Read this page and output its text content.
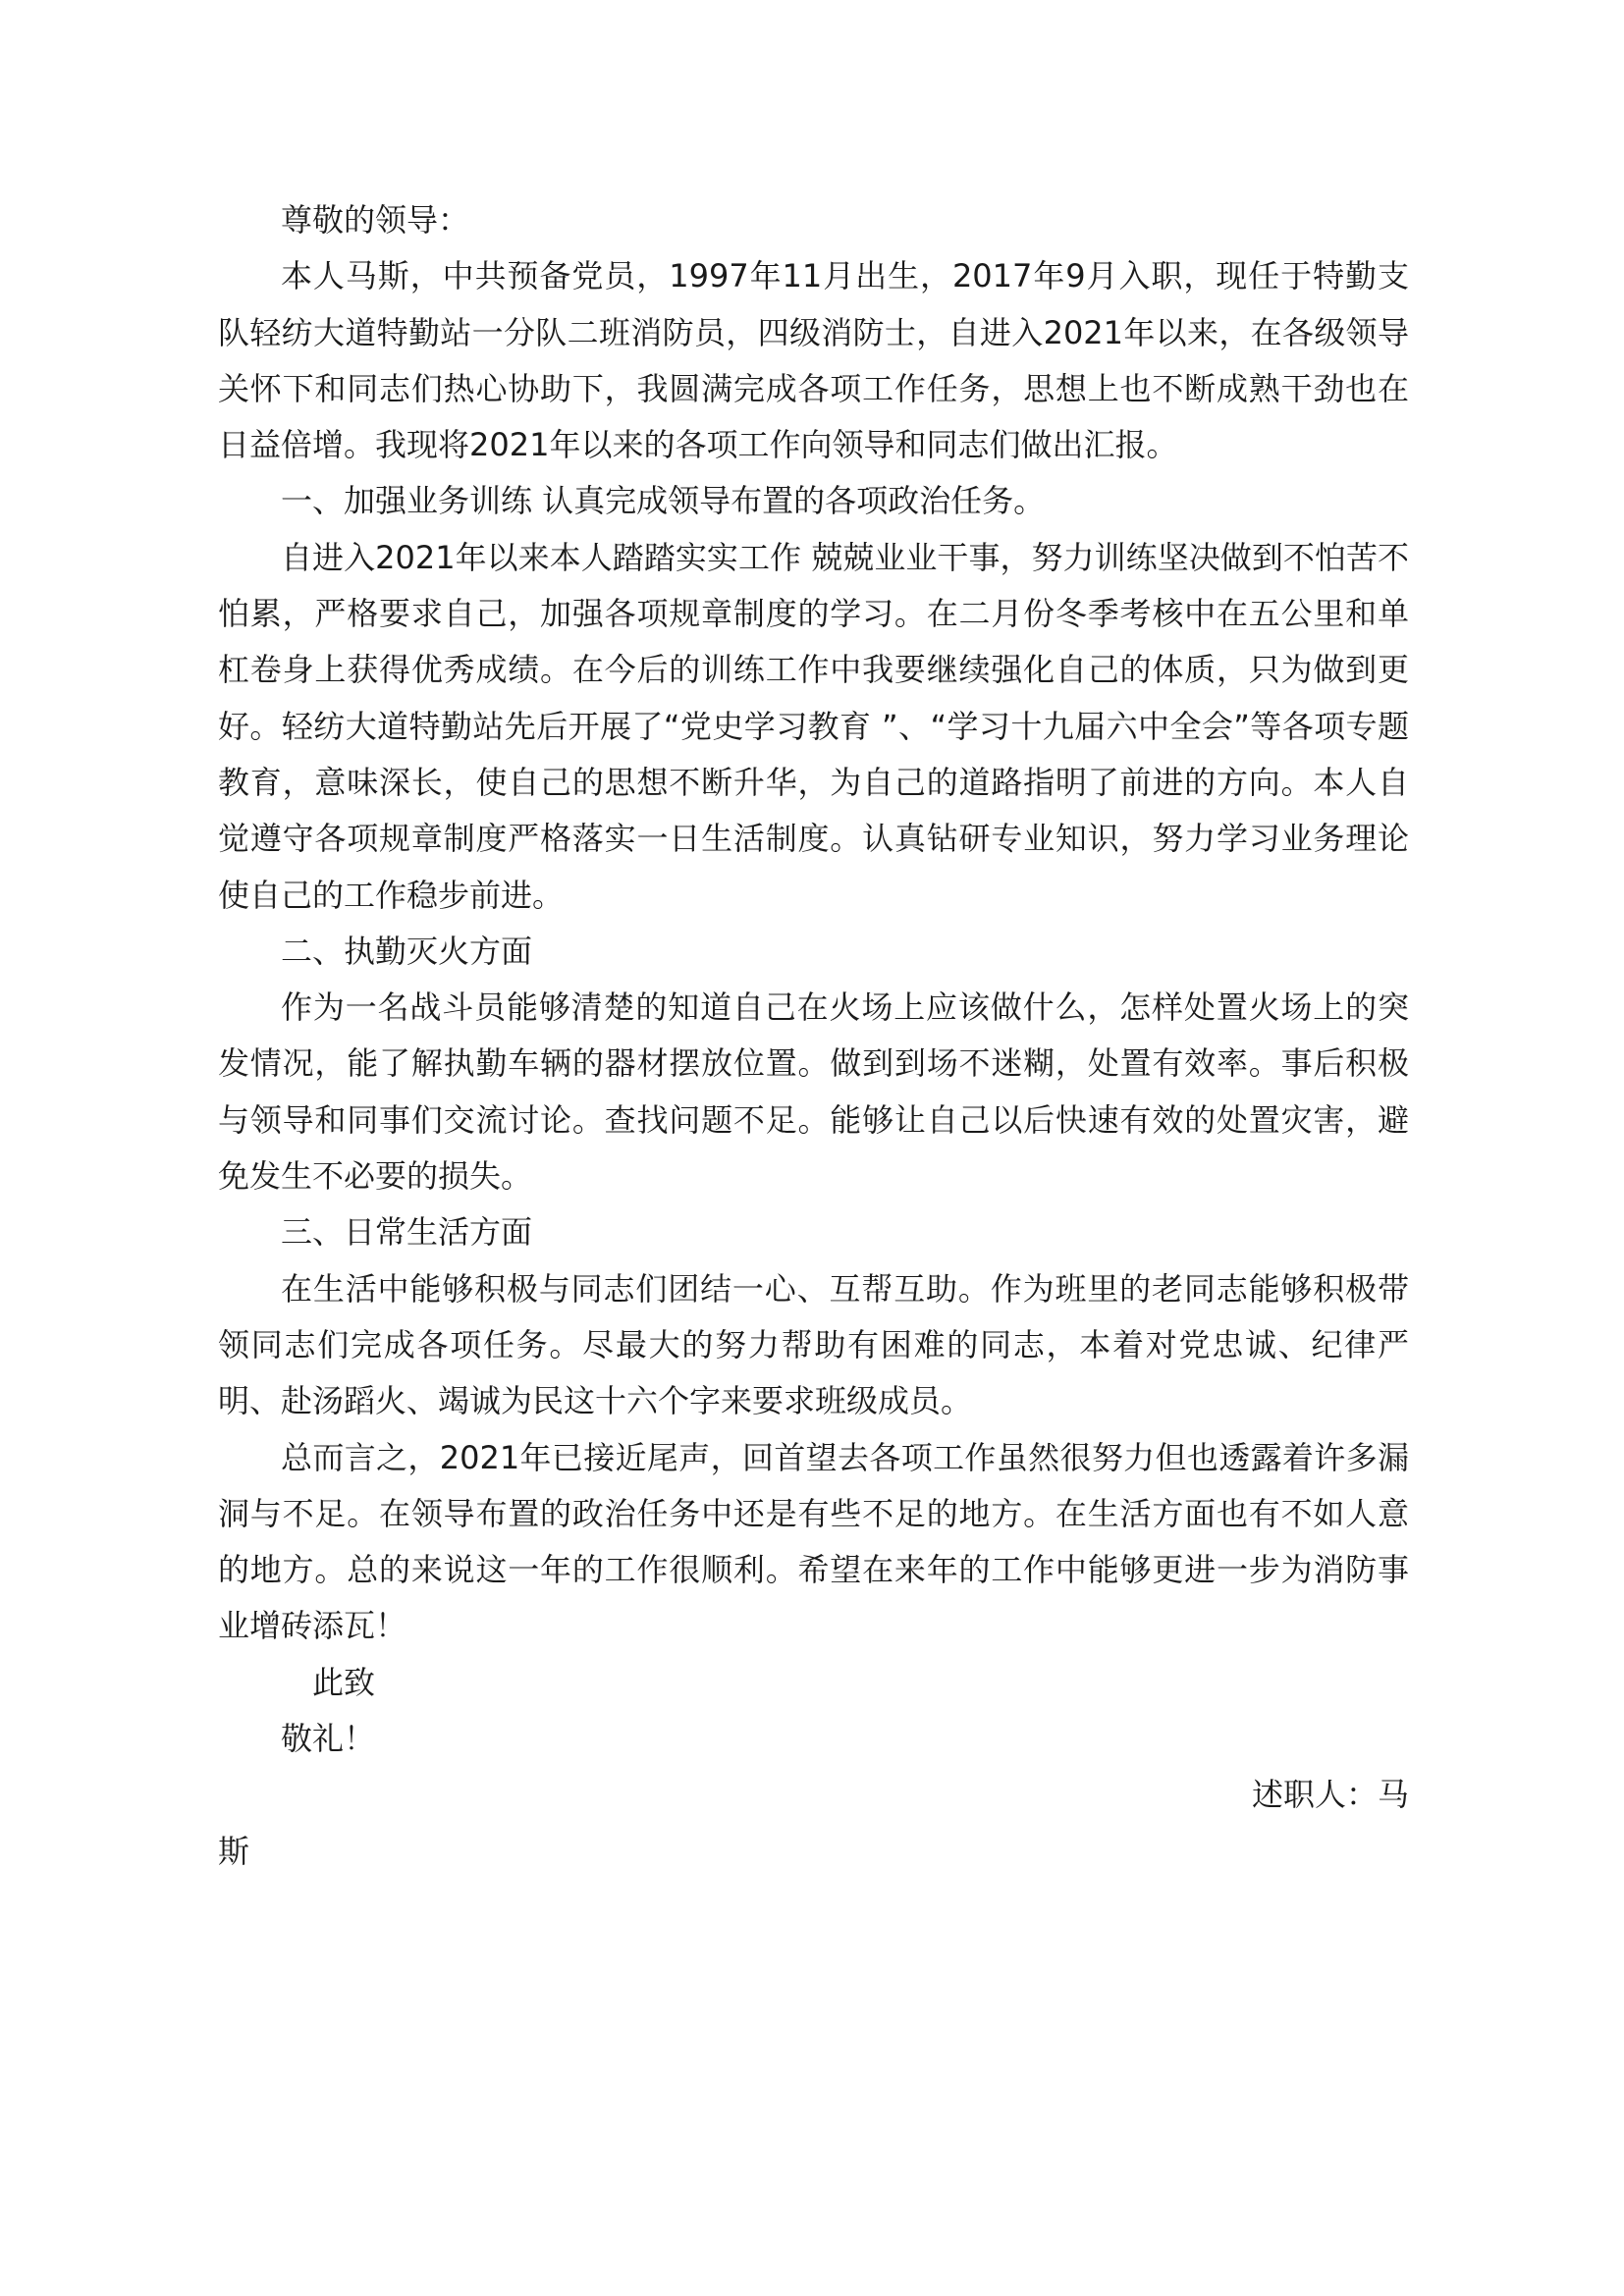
尊敬的领导：

本人马斯，中共预备党员，1997年11月出生，2017年9月入职，现任于特勤支队轻纺大道特勤站一分队二班消防员，四级消防士，自进入2021年以来，在各级领导关怀下和同志们热心协助下，我圆满完成各项工作任务，思想上也不断成熟干劲也在日益倍增。我现将2021年以来的各项工作向领导和同志们做出汇报。

一、加强业务训练 认真完成领导布置的各项政治任务。

自进入2021年以来本人踏踏实实工作 兢兢业业干事，努力训练坚决做到不怕苦不怕累，严格要求自己，加强各项规章制度的学习。在二月份冬季考核中在五公里和单杠卷身上获得优秀成绩。在今后的训练工作中我要继续强化自己的体质，只为做到更好。轻纺大道特勤站先后开展了“党史学习教育 ”、“学习十九届六中全会”等各项专题教育，意味深长，使自己的思想不断升华，为自己的道路指明了前进的方向。本人自觉遵守各项规章制度严格落实一日生活制度。认真钻研专业知识，努力学习业务理论使自己的工作稳步前进。

二、执勤灭火方面

作为一名战斗员能够清楚的知道自己在火场上应该做什么，怎样处置火场上的突发情况，能了解执勤车辆的器材摆放位置。做到到场不迷糊，处置有效率。事后积极与领导和同事们交流讨论。查找问题不足。能够让自己以后快速有效的处置灾害，避免发生不必要的损失。

三、日常生活方面

在生活中能够积极与同志们团结一心、互帮互助。作为班里的老同志能够积极带领同志们完成各项任务。尽最大的努力帮助有困难的同志，本着对党忠诚、纪律严明、赴汤蹈火、竭诚为民这十六个字来要求班级成员。

总而言之，2021年已接近尾声，回首望去各项工作虽然很努力但也透露着许多漏洞与不足。在领导布置的政治任务中还是有些不足的地方。在生活方面也有不如人意的地方。总的来说这一年的工作很顺利。希望在来年的工作中能够更进一步为消防事业增砖添瓦！

此致

敬礼！

述职人：马

斯
